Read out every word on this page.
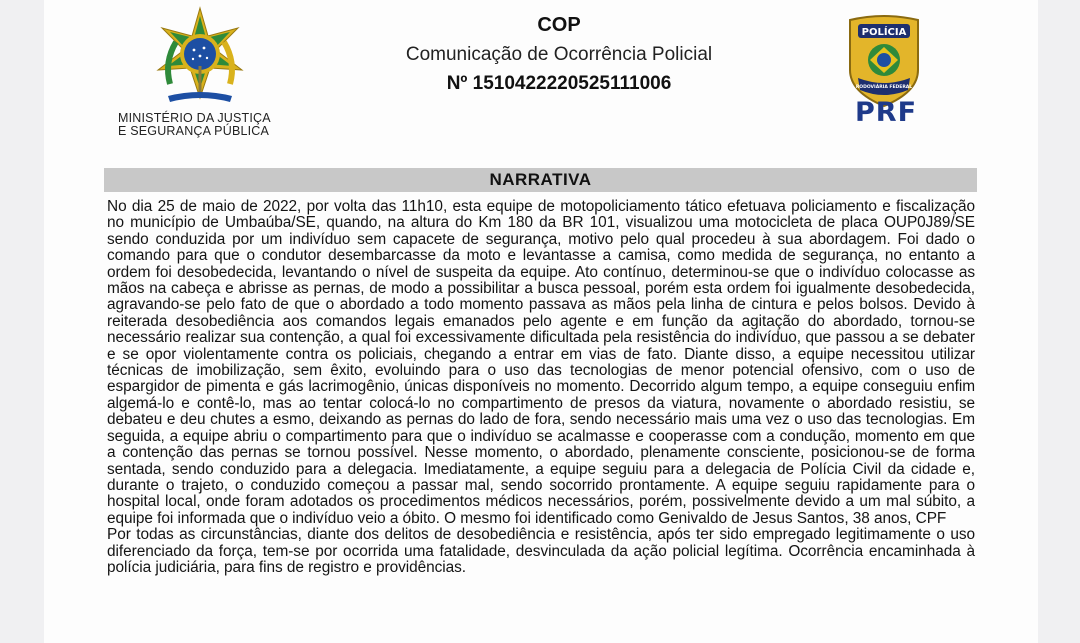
MINISTÉRIO DA JUSTIÇA
E SEGURANÇA PÚBLICA
COP
Comunicação de Ocorrência Policial
Nº 1510422220525111006
POLÍCIA
RODOVIÁRIA FEDERAL
PRF
NARRATIVA

No dia 25 de maio de 2022, por volta das 11h10, esta equipe de motopoliciamento tático efetuava policiamento e fiscalização no município de Umbaúba/SE, quando, na altura do Km 180 da BR 101, visualizou uma motocicleta de placa OUP0J89/SE sendo conduzida por um indivíduo sem capacete de segurança, motivo pelo qual procedeu à sua abordagem. Foi dado o comando para que o condutor desembarcasse da moto e levantasse a camisa, como medida de segurança, no entanto a ordem foi desobedecida, levantando o nível de suspeita da equipe. Ato contínuo, determinou-se que o indivíduo colocasse as mãos na cabeça e abrisse as pernas, de modo a possibilitar a busca pessoal, porém esta ordem foi igualmente desobedecida, agravando-se pelo fato de que o abordado a todo momento passava as mãos pela linha de cintura e pelos bolsos. Devido à reiterada desobediência aos comandos legais emanados pelo agente e em função da agitação do abordado, tornou-se necessário realizar sua contenção, a qual foi excessivamente dificultada pela resistência do indivíduo, que passou a se debater e se opor violentamente contra os policiais, chegando a entrar em vias de fato. Diante disso, a equipe necessitou utilizar técnicas de imobilização, sem êxito, evoluindo para o uso das tecnologias de menor potencial ofensivo, com o uso de espargidor de pimenta e gás lacrimogênio, únicas disponíveis no momento. Decorrido algum tempo, a equipe conseguiu enfim algemá-lo e contê-lo, mas ao tentar colocá-lo no compartimento de presos da viatura, novamente o abordado resistiu, se debateu e deu chutes a esmo, deixando as pernas do lado de fora, sendo necessário mais uma vez o uso das tecnologias. Em seguida, a equipe abriu o compartimento para que o indivíduo se acalmasse e cooperasse com a condução, momento em que a contenção das pernas se tornou possível. Nesse momento, o abordado, plenamente consciente, posicionou-se de forma sentada, sendo conduzido para a delegacia. Imediatamente, a equipe seguiu para a delegacia de Polícia Civil da cidade e, durante o trajeto, o conduzido começou a passar mal, sendo socorrido prontamente. A equipe seguiu rapidamente para o hospital local, onde foram adotados os procedimentos médicos necessários, porém, possivelmente devido a um mal súbito, a equipe foi informada que o indivíduo veio a óbito. O mesmo foi identificado como Genivaldo de Jesus Santos, 38 anos, CPF

Por todas as circunstâncias, diante dos delitos de desobediência e resistência, após ter sido empregado legitimamente o uso diferenciado da força, tem-se por ocorrida uma fatalidade, desvinculada da ação policial legítima. Ocorrência encaminhada à polícia judiciária, para fins de registro e providências.
